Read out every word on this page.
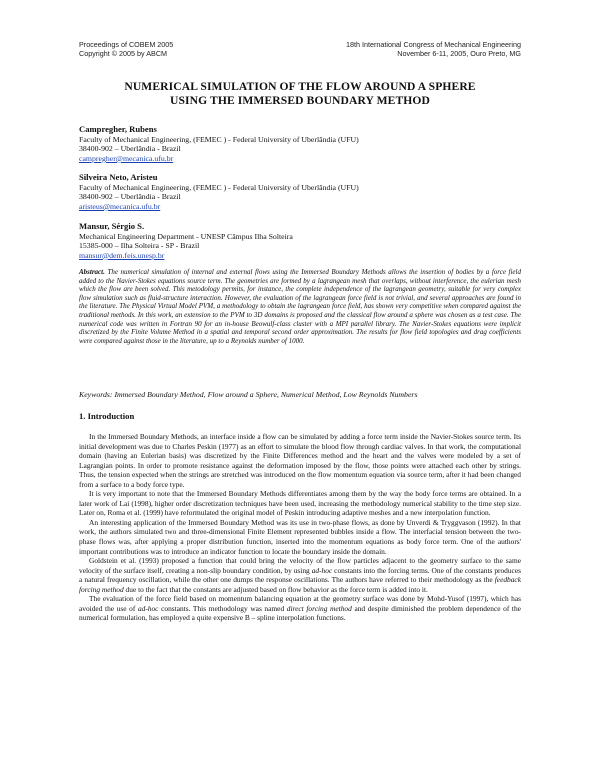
Proceedings of COBEM 2005
Copyright © 2005 by ABCM
18th International Congress of Mechanical Engineering
November 6-11, 2005, Ouro Preto, MG
NUMERICAL SIMULATION OF THE FLOW AROUND A SPHERE
USING THE IMMERSED BOUNDARY METHOD
Campregher, Rubens
Faculty of Mechanical Engineering, (FEMEC ) - Federal University of Uberlândia (UFU)
38400-902 – Uberlândia - Brazil
campregher@mecanica.ufu.br
Silveira Neto, Aristeu
Faculty of Mechanical Engineering, (FEMEC ) - Federal University of Uberlândia (UFU)
38400-902 – Uberlândia - Brazil
aristeus@mecanica.ufu.br
Mansur, Sérgio S.
Mechanical Engineering Department - UNESP Câmpus Ilha Solteira
15385-000 – Ilha Solteira - SP - Brazil
mansur@dem.feis.unesp.br
Abstract. The numerical simulation of internal and external flows using the Immersed Boundary Methods allows the insertion of bodies by a force field added to the Navier-Stokes equations source term. The geometries are formed by a lagrangean mesh that overlaps, without interference, the eulerian mesh which the flow are been solved. This metodology permits, for instance, the complete independence of the lagrangean geometry, suitable for very complex flow simulation such as fluid-structure interaction. However, the evaluation of the lagrangean force field is not trivial, and several approaches are found in the literature. The Physical Virtual Model PVM, a methodology to obtain the lagrangean force field, has shown very competitive when compared against the traditional methods. In this work, an extension to the PVM to 3D domains is proposed and the classical flow around a sphere was chosen as a test case. The numerical code was written in Fortran 90 for an in-house Beowulf-class cluster with a MPI parallel library. The Navier-Stokes equations were implicit discretized by the Finite Volume Method in a spatial and temporal second order approximation. The results for flow field topologies and drag coefficients were compared against those in the literature, up to a Reynolds number of 1000.
Keywords: Immersed Boundary Method, Flow around a Sphere, Numerical Method, Low Reynolds Numbers
1. Introduction

In the Immersed Boundary Methods, an interface inside a flow can be simulated by adding a force term inside the Navier-Stokes source term. Its initial development was due to Charles Peskin (1977) as an effort to simulate the blood flow through cardiac valves. In that work, the computational domain (having an Eulerian basis) was discretized by the Finite Differences method and the heart and the valves were modeled by a set of Lagrangian points. In order to promote resistance against the deformation imposed by the flow, those points were attached each other by strings. Thus, the tension expected when the strings are stretched was introduced on the flow momentum equation via source term, after it had been changed from a surface to a body force type.

It is very important to note that the Immersed Boundary Methods differentiates among them by the way the body force terms are obtained. In a later work of Lai (1998), higher order discretization techniques have been used, increasing the methodology numerical stability to the time step size. Later on, Roma et al. (1999) have reformulated the original model of Peskin introducing adaptive meshes and a new interpolation function.

An interesting application of the Immersed Boundary Method was its use in two-phase flows, as done by Unverdi & Tryggvason (1992). In that work, the authors simulated two and three-dimensional Finite Element represented bubbles inside a flow. The interfacial tension between the two-phase flows was, after applying a proper distribution function, inserted into the momentum equations as body force term. One of the authors' important contributions was to introduce an indicator function to locate the boundary inside the domain.

Goldstein et al. (1993) proposed a function that could bring the velocity of the flow particles adjacent to the geometry surface to the same velocity of the surface itself, creating a non-slip boundary condition, by using ad-hoc constants into the forcing terms. One of the constants produces a natural frequency oscillation, while the other one dumps the response oscillations. The authors have referred to their methodology as the feedback forcing method due to the fact that the constants are adjusted based on flow behavior as the force term is added into it.

The evaluation of the force field based on momentum balancing equation at the geometry surface was done by Mohd-Yusof (1997), which has avoided the use of ad-hoc constants. This methodology was named direct forcing method and despite diminished the problem dependence of the numerical formulation, has employed a quite expensive B – spline interpolation functions.
